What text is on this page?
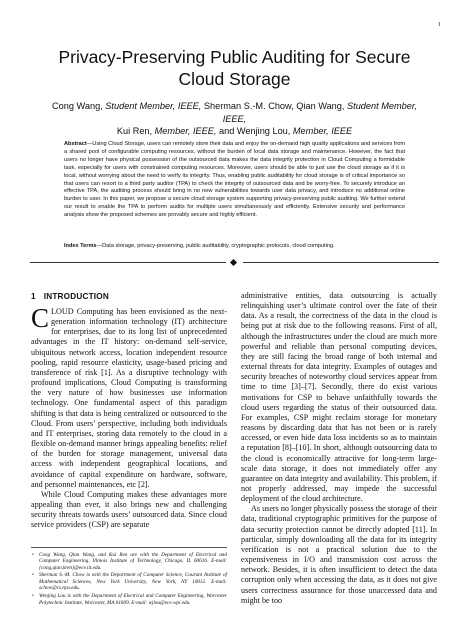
1
Privacy-Preserving Public Auditing for Secure Cloud Storage
Cong Wang, Student Member, IEEE, Sherman S.-M. Chow, Qian Wang, Student Member, IEEE,
Kui Ren, Member, IEEE, and Wenjing Lou, Member, IEEE
Abstract—Using Cloud Storage, users can remotely store their data and enjoy the on-demand high quality applications and services from a shared pool of configurable computing resources, without the burden of local data storage and maintenance. However, the fact that users no longer have physical possession of the outsourced data makes the data integrity protection in Cloud Computing a formidable task, especially for users with constrained computing resources. Moreover, users should be able to just use the cloud storage as if it is local, without worrying about the need to verify its integrity. Thus, enabling public auditability for cloud storage is of critical importance so that users can resort to a third party auditor (TPA) to check the integrity of outsourced data and be worry-free. To securely introduce an effective TPA, the auditing process should bring in no new vulnerabilities towards user data privacy, and introduce no additional online burden to user. In this paper, we propose a secure cloud storage system supporting privacy-preserving public auditing. We further extend our result to enable the TPA to perform audits for multiple users simultaneously and efficiently. Extensive security and performance analysis show the proposed schemes are provably secure and highly efficient.
Index Terms—Data storage, privacy-preserving, public auditability, cryptographic protocols, cloud computing.
1 INTRODUCTION

CLOUD Computing has been envisioned as the next-generation information technology (IT) architecture for enterprises, due to its long list of unprecedented advantages in the IT history: on-demand self-service, ubiquitous network access, location independent resource pooling, rapid resource elasticity, usage-based pricing and transference of risk [1]. As a disruptive technology with profound implications, Cloud Computing is transforming the very nature of how businesses use information technology. One fundamental aspect of this paradigm shifting is that data is being centralized or outsourced to the Cloud. From users’ perspective, including both individuals and IT enterprises, storing data remotely to the cloud in a flexible on-demand manner brings appealing benefits: relief of the burden for storage management, universal data access with independent geographical locations, and avoidance of capital expenditure on hardware, software, and personnel maintenances, etc [2].

While Cloud Computing makes these advantages more appealing than ever, it also brings new and challenging security threats towards users’ outsourced data. Since cloud service providers (CSP) are separate

administrative entities, data outsourcing is actually relinquishing user’s ultimate control over the fate of their data. As a result, the correctness of the data in the cloud is being put at risk due to the following reasons. First of all, although the infrastructures under the cloud are much more powerful and reliable than personal computing devices, they are still facing the broad range of both internal and external threats for data integrity. Examples of outages and security breaches of noteworthy cloud services appear from time to time [3]–[7]. Secondly, there do exist various motivations for CSP to behave unfaithfully towards the cloud users regarding the status of their outsourced data. For examples, CSP might reclaim storage for monetary reasons by discarding data that has not been or is rarely accessed, or even hide data loss incidents so as to maintain a reputation [8]–[10]. In short, although outsourcing data to the cloud is economically attractive for long-term large-scale data storage, it does not immediately offer any guarantee on data integrity and availability. This problem, if not properly addressed, may impede the successful deployment of the cloud architecture.

As users no longer physically possess the storage of their data, traditional cryptographic primitives for the purpose of data security protection cannot be directly adopted [11]. In particular, simply downloading all the data for its integrity verification is not a practical solution due to the expensiveness in I/O and transmission cost across the network. Besides, it is often insufficient to detect the data corruption only when accessing the data, as it does not give users correctness assurance for those unaccessed data and might be too

• Cong Wang, Qian Wang, and Kui Ren are with the Department of Electrical and Computer Engineering, Illinois Institute of Technology, Chicago, IL 60616. E-mail: {cong,qian,kren}@ece.iit.edu.
• Sherman S.-M. Chow is with the Department of Computer Science, Courant Institute of Mathematical Sciences, New York University, New York, NY 10012. E-mail: schow@cs.nyu.edu.
• Wenjing Lou is with the Department of Electrical and Computer Engineering, Worcester Polytechnic Institute, Worcester, MA 01609. E-mail: wjlou@ece.wpi.edu.
